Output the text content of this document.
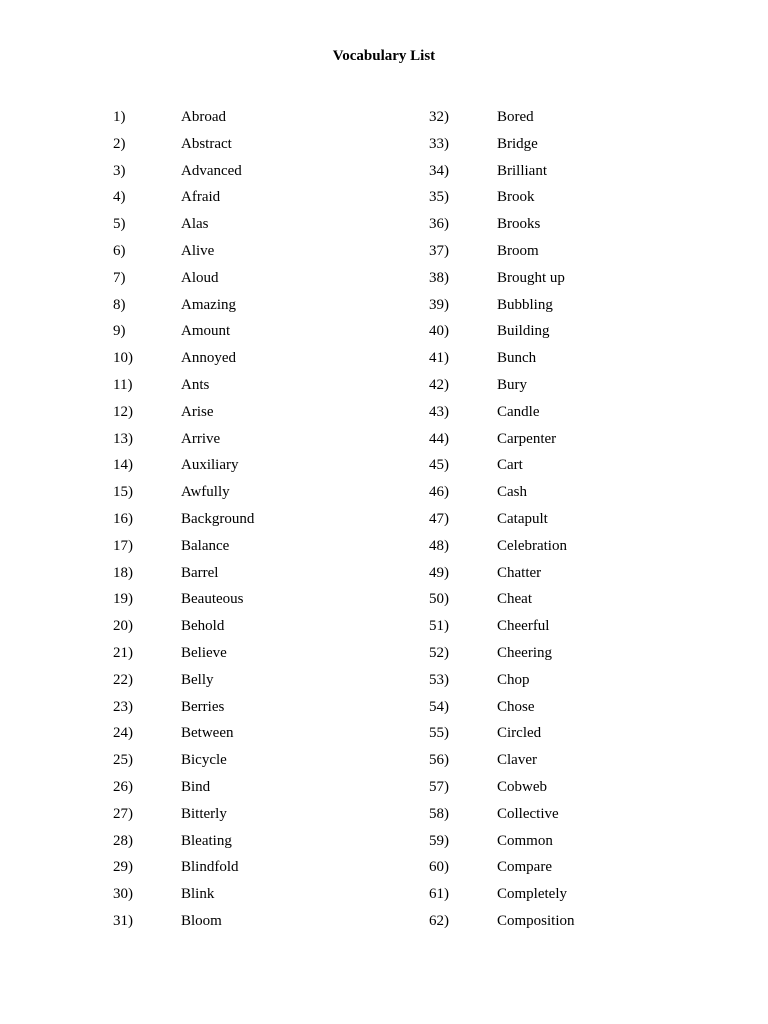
Vocabulary List
1)	Abroad
2)	Abstract
3)	Advanced
4)	Afraid
5)	Alas
6)	Alive
7)	Aloud
8)	Amazing
9)	Amount
10)	Annoyed
11)	Ants
12)	Arise
13)	Arrive
14)	Auxiliary
15)	Awfully
16)	Background
17)	Balance
18)	Barrel
19)	Beauteous
20)	Behold
21)	Believe
22)	Belly
23)	Berries
24)	Between
25)	Bicycle
26)	Bind
27)	Bitterly
28)	Bleating
29)	Blindfold
30)	Blink
31)	Bloom
32)	Bored
33)	Bridge
34)	Brilliant
35)	Brook
36)	Brooks
37)	Broom
38)	Brought up
39)	Bubbling
40)	Building
41)	Bunch
42)	Bury
43)	Candle
44)	Carpenter
45)	Cart
46)	Cash
47)	Catapult
48)	Celebration
49)	Chatter
50)	Cheat
51)	Cheerful
52)	Cheering
53)	Chop
54)	Chose
55)	Circled
56)	Claver
57)	Cobweb
58)	Collective
59)	Common
60)	Compare
61)	Completely
62)	Composition
